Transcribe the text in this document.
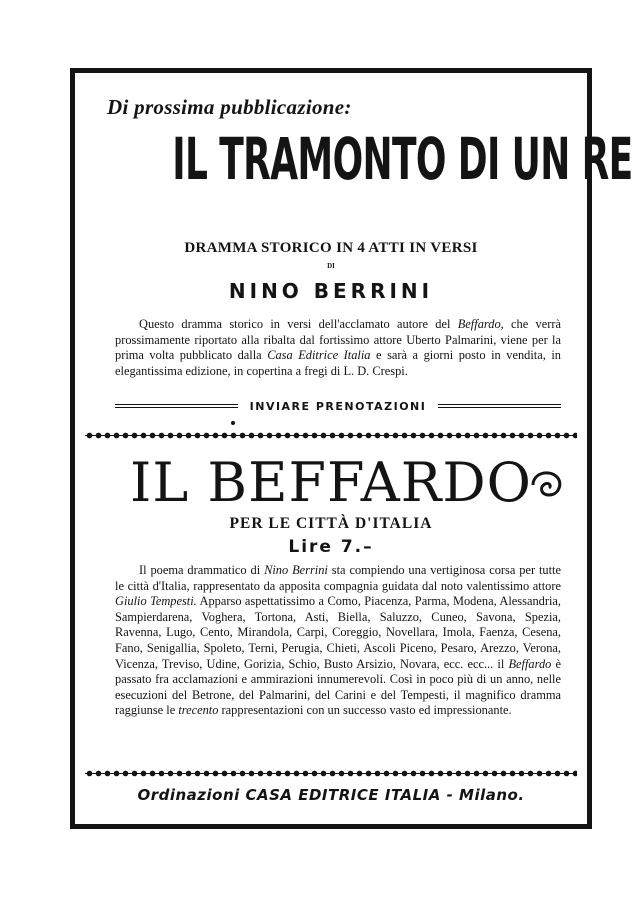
Di prossima pubblicazione:
IL TRAMONTO DI UN RE
DRAMMA STORICO IN 4 ATTI IN VERSI
DI
NINO BERRINI

Questo dramma storico in versi dell'acclamato autore del Beffardo, che verrà prossimamente riportato alla ribalta dal fortissimo attore Uberto Palmarini, viene per la prima volta pubblicato dalla Casa Editrice Italia e sarà a giorni posto in vendita, in elegantissima edizione, in copertina a fregi di L. D. Crespi.

INVIARE PRENOTAZIONI
IL BEFFARDO
PER LE CITTÀ D'ITALIA
Lire 7.–

Il poema drammatico di Nino Berrini sta compiendo una vertiginosa corsa per tutte le città d'Italia, rappresentato da apposita compagnia guidata dal noto valentissimo attore Giulio Tempesti. Apparso aspettatissimo a Como, Piacenza, Parma, Modena, Alessandria, Sampierdarena, Voghera, Tortona, Asti, Biella, Saluzzo, Cuneo, Savona, Spezia, Ravenna, Lugo, Cento, Mirandola, Carpi, Coreggio, Novellara, Imola, Faenza, Cesena, Fano, Senigallia, Spoleto, Terni, Perugia, Chieti, Ascoli Piceno, Pesaro, Arezzo, Verona, Vicenza, Treviso, Udine, Gorizia, Schio, Busto Arsizio, Novara, ecc. ecc... il Beffardo è passato fra acclamazioni e ammirazioni innumerevoli. Così in poco più di un anno, nelle esecuzioni del Betrone, del Palmarini, del Carini e del Tempesti, il magnifico dramma raggiunse le trecento rappresentazioni con un successo vasto ed impressionante.

Ordinazioni CASA EDITRICE ITALIA - Milano.
